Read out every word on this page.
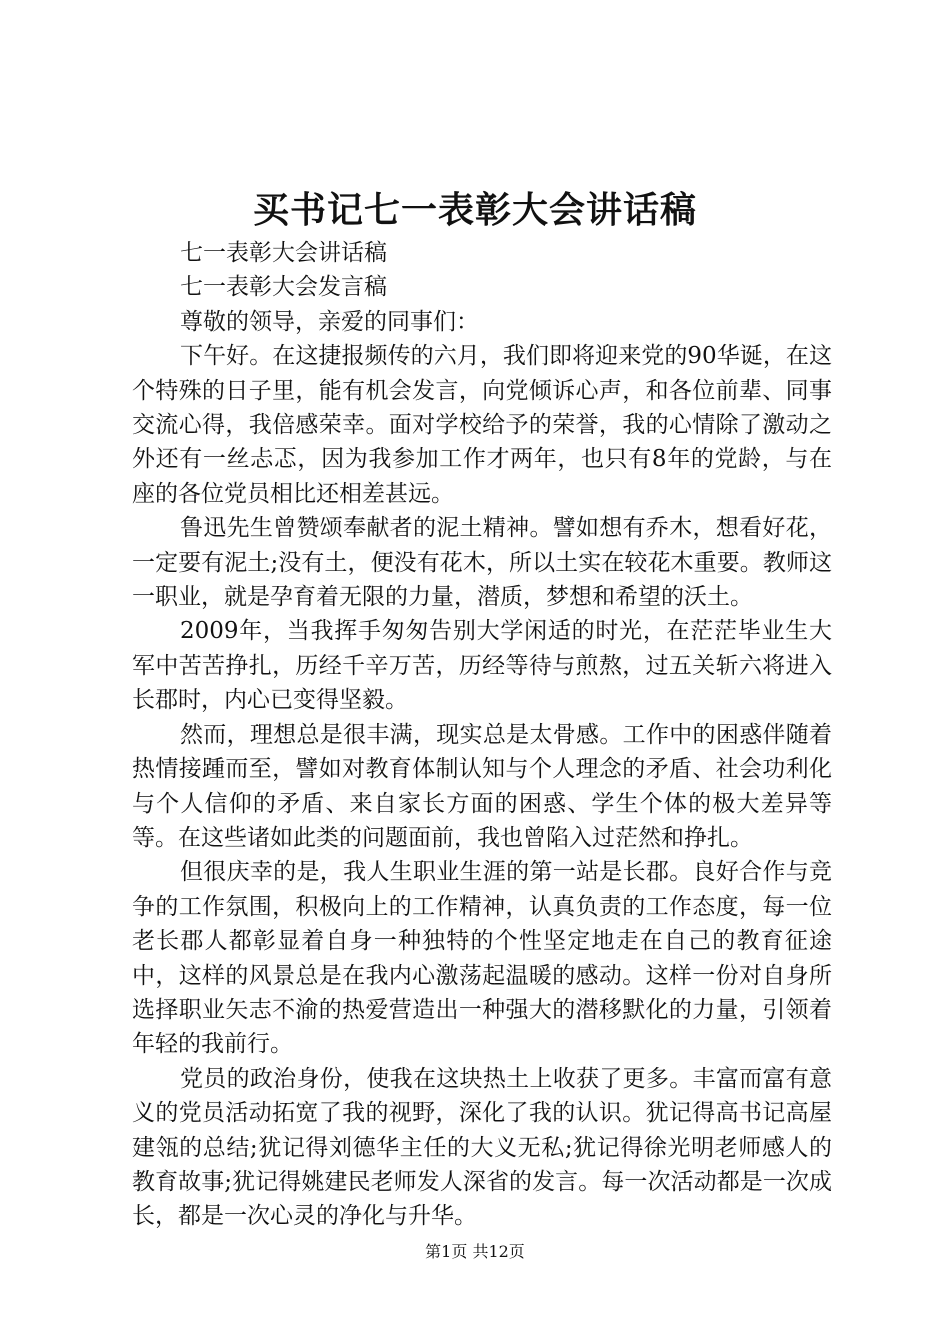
买书记七一表彰大会讲话稿

七一表彰大会讲话稿

七一表彰大会发言稿

尊敬的领导，亲爱的同事们：

下午好。在这捷报频传的六月，我们即将迎来党的90华诞，在这个特殊的日子里，能有机会发言，向党倾诉心声，和各位前辈、同事交流心得，我倍感荣幸。面对学校给予的荣誉，我的心情除了激动之外还有一丝忐忑，因为我参加工作才两年，也只有8年的党龄，与在座的各位党员相比还相差甚远。

鲁迅先生曾赞颂奉献者的泥土精神。譬如想有乔木，想看好花，一定要有泥土;没有土，便没有花木，所以土实在较花木重要。教师这一职业，就是孕育着无限的力量，潜质，梦想和希望的沃土。

2009年，当我挥手匆匆告别大学闲适的时光，在茫茫毕业生大军中苦苦挣扎，历经千辛万苦，历经等待与煎熬，过五关斩六将进入长郡时，内心已变得坚毅。

然而，理想总是很丰满，现实总是太骨感。工作中的困惑伴随着热情接踵而至，譬如对教育体制认知与个人理念的矛盾、社会功利化与个人信仰的矛盾、来自家长方面的困惑、学生个体的极大差异等等。在这些诸如此类的问题面前，我也曾陷入过茫然和挣扎。

但很庆幸的是，我人生职业生涯的第一站是长郡。良好合作与竞争的工作氛围，积极向上的工作精神，认真负责的工作态度，每一位老长郡人都彰显着自身一种独特的个性坚定地走在自己的教育征途中，这样的风景总是在我内心激荡起温暖的感动。这样一份对自身所选择职业矢志不渝的热爱营造出一种强大的潜移默化的力量，引领着年轻的我前行。

党员的政治身份，使我在这块热土上收获了更多。丰富而富有意义的党员活动拓宽了我的视野，深化了我的认识。犹记得高书记高屋建瓴的总结;犹记得刘德华主任的大义无私;犹记得徐光明老师感人的教育故事;犹记得姚建民老师发人深省的发言。每一次活动都是一次成长，都是一次心灵的净化与升华。

第1页 共12页
